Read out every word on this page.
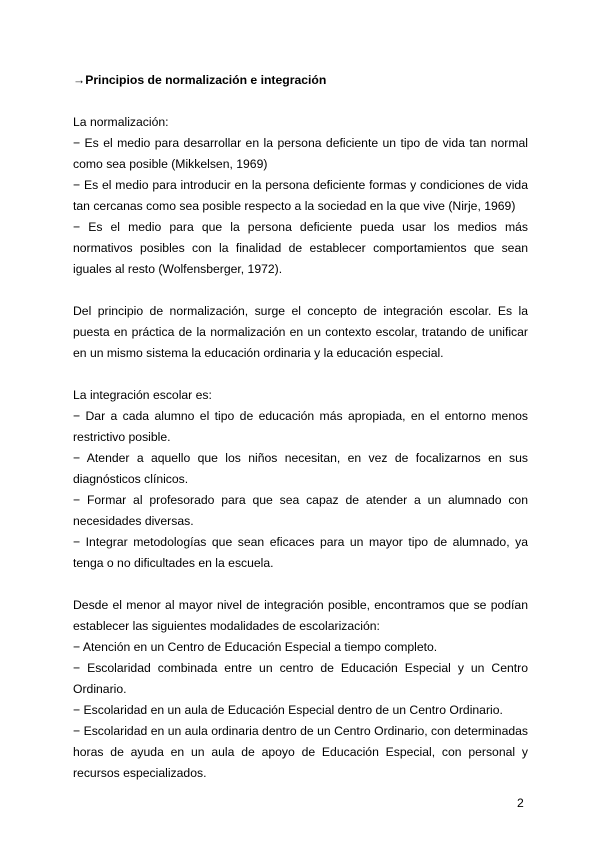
→Principios de normalización e integración

La normalización:

− Es el medio para desarrollar en la persona deficiente un tipo de vida tan normal como sea posible (Mikkelsen, 1969)

− Es el medio para introducir en la persona deficiente formas y condiciones de vida tan cercanas como sea posible respecto a la sociedad en la que vive (Nirje, 1969)

− Es el medio para que la persona deficiente pueda usar los medios más normativos posibles con la finalidad de establecer comportamientos que sean iguales al resto (Wolfensberger, 1972).

Del principio de normalización, surge el concepto de integración escolar. Es la puesta en práctica de la normalización en un contexto escolar, tratando de unificar en un mismo sistema la educación ordinaria y la educación especial.

La integración escolar es:

− Dar a cada alumno el tipo de educación más apropiada, en el entorno menos restrictivo posible.

− Atender a aquello que los niños necesitan, en vez de focalizarnos en sus diagnósticos clínicos.

− Formar al profesorado para que sea capaz de atender a un alumnado con necesidades diversas.

− Integrar metodologías que sean eficaces para un mayor tipo de alumnado, ya tenga o no dificultades en la escuela.

Desde el menor al mayor nivel de integración posible, encontramos que se podían establecer las siguientes modalidades de escolarización:

− Atención en un Centro de Educación Especial a tiempo completo.

− Escolaridad combinada entre un centro de Educación Especial y un Centro Ordinario.

− Escolaridad en un aula de Educación Especial dentro de un Centro Ordinario.

− Escolaridad en un aula ordinaria dentro de un Centro Ordinario, con determinadas horas de ayuda en un aula de apoyo de Educación Especial, con personal y recursos especializados.

2
